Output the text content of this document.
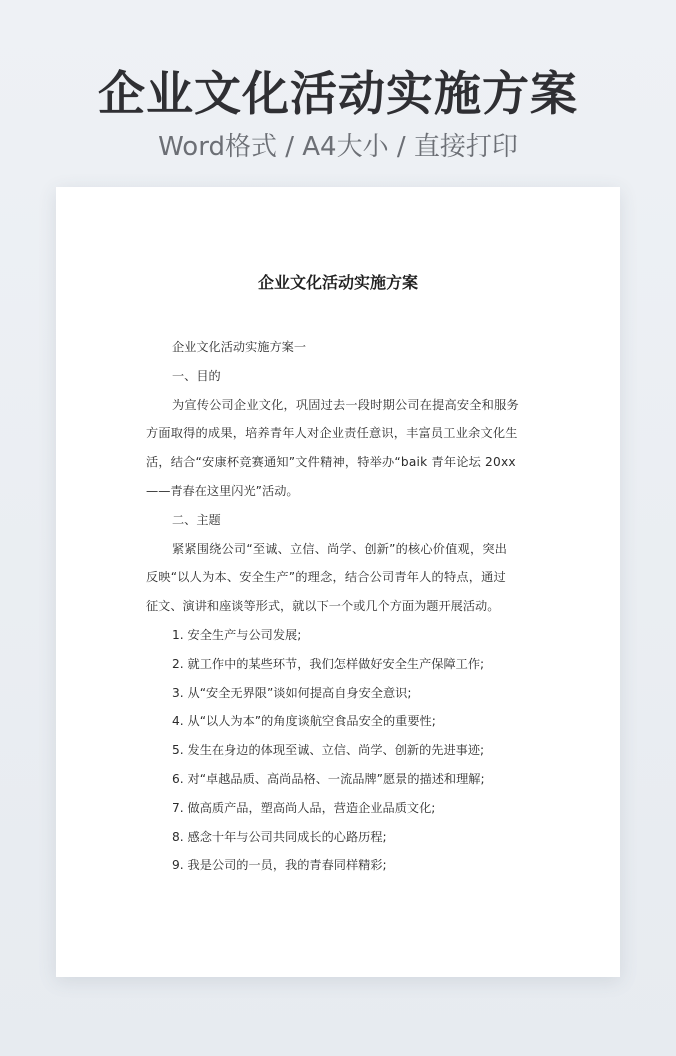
企业文化活动实施方案
Word格式 / A4大小 / 直接打印
企业文化活动实施方案
企业文化活动实施方案一
一、目的
为宣传公司企业文化，巩固过去一段时期公司在提高安全和服务
方面取得的成果，培养青年人对企业责任意识，丰富员工业余文化生
活，结合“安康杯竞赛通知”文件精神，特举办“baik 青年论坛 20xx
——青春在这里闪光”活动。
二、主题
紧紧围绕公司“至诚、立信、尚学、创新”的核心价值观，突出
反映“以人为本、安全生产”的理念，结合公司青年人的特点，通过
征文、演讲和座谈等形式，就以下一个或几个方面为题开展活动。
1. 安全生产与公司发展;
2. 就工作中的某些环节，我们怎样做好安全生产保障工作;
3. 从“安全无界限”谈如何提高自身安全意识;
4. 从“以人为本”的角度谈航空食品安全的重要性;
5. 发生在身边的体现至诚、立信、尚学、创新的先进事迹;
6. 对“卓越品质、高尚品格、一流品牌”愿景的描述和理解;
7. 做高质产品，塑高尚人品，营造企业品质文化;
8. 感念十年与公司共同成长的心路历程;
9. 我是公司的一员，我的青春同样精彩;
